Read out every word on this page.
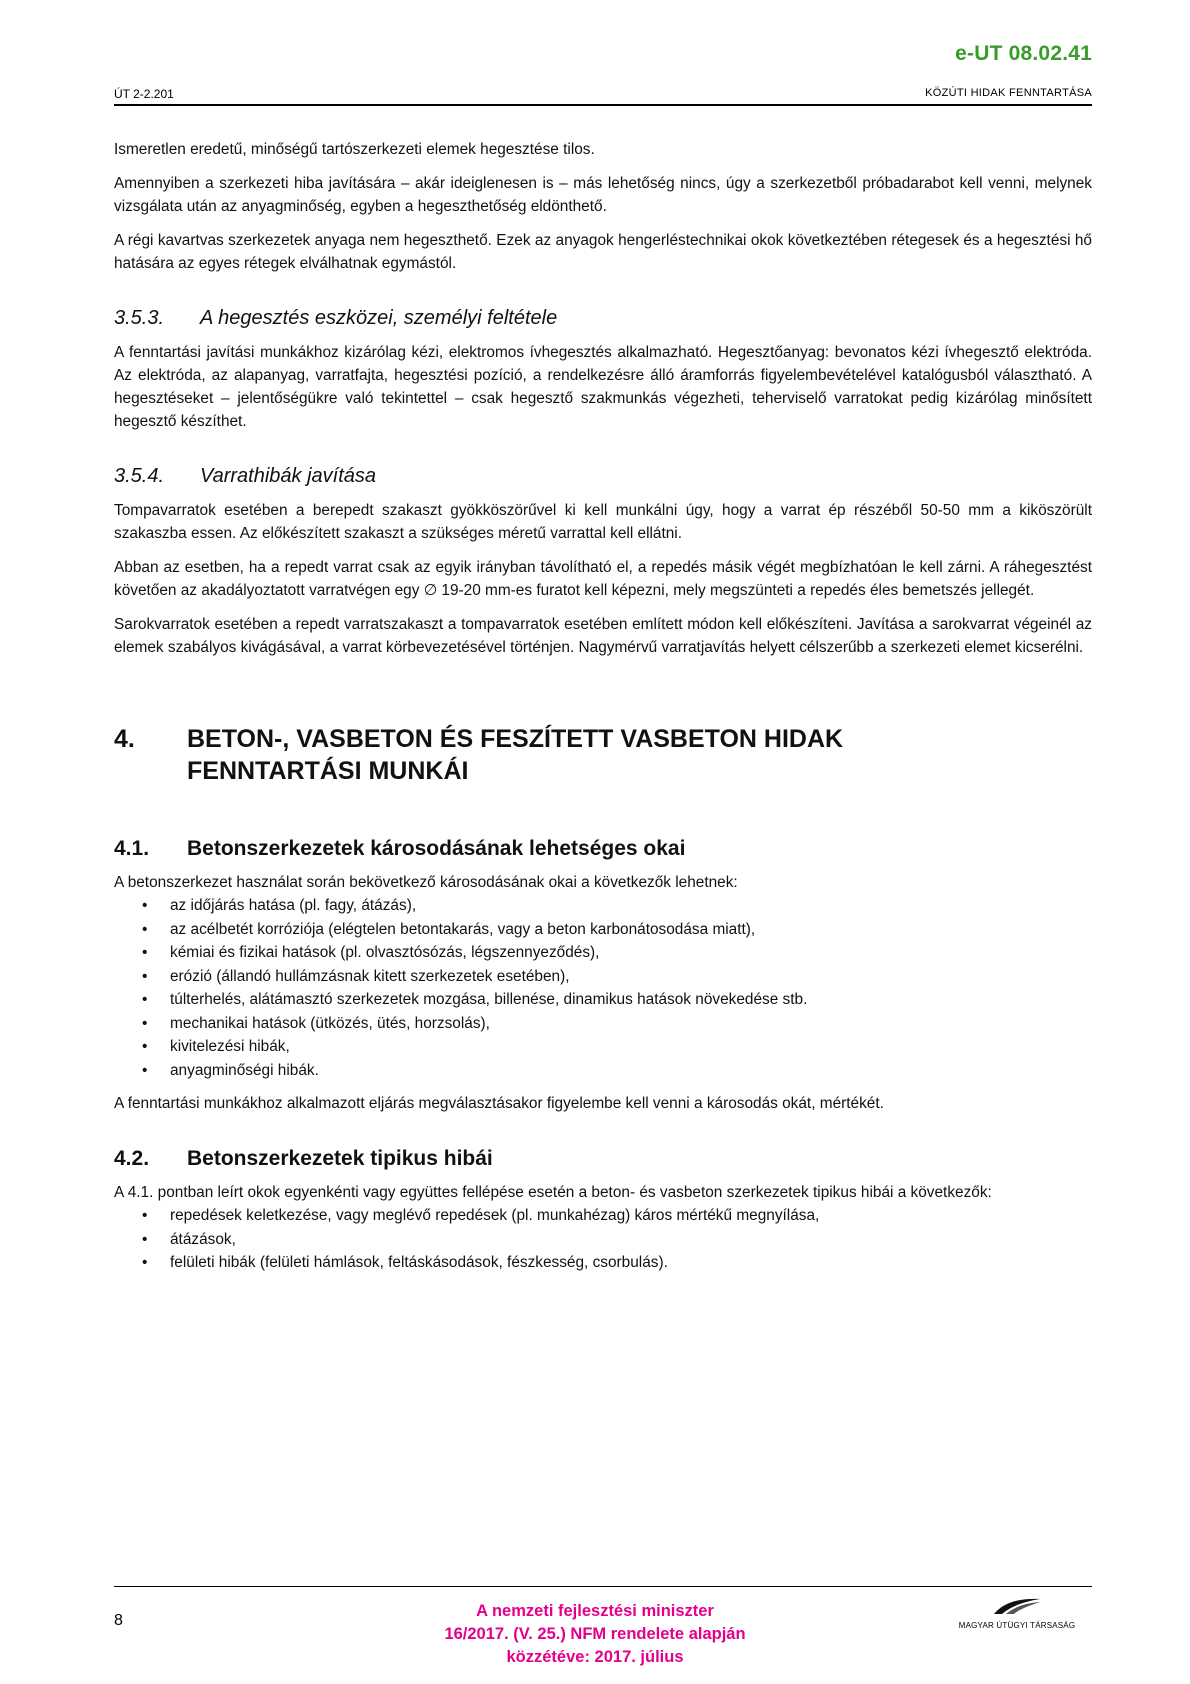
e-UT 08.02.41
ÚT 2-2.201	KÖZÚTI HIDAK FENNTARTÁSA

Ismeretlen eredetű, minőségű tartószerkezeti elemek hegesztése tilos.

Amennyiben a szerkezeti hiba javítására – akár ideiglenesen is – más lehetőség nincs, úgy a szerkezetből próbadarabot kell venni, melynek vizsgálata után az anyagminőség, egyben a hegeszthetőség eldönthető.

A régi kavartvas szerkezetek anyaga nem hegeszthető. Ezek az anyagok hengerléstechnikai okok következtében rétegesek és a hegesztési hő hatására az egyes rétegek elválhatnak egymástól.

3.5.3. A hegesztés eszközei, személyi feltétele

A fenntartási javítási munkákhoz kizárólag kézi, elektromos ívhegesztés alkalmazható. Hegesztőanyag: bevonatos kézi ívhegesztő elektróda. Az elektróda, az alapanyag, varratfajta, hegesztési pozíció, a rendelkezésre álló áramforrás figyelembevételével katalógusból választható. A hegesztéseket – jelentőségükre való tekintettel – csak hegesztő szakmunkás végezheti, teherviselő varratokat pedig kizárólag minősített hegesztő készíthet.

3.5.4. Varrathibák javítása

Tompavarratok esetében a berepedt szakaszt gyökköszörűvel ki kell munkálni úgy, hogy a varrat ép részéből 50-50 mm a kiköszörült szakaszba essen. Az előkészített szakaszt a szükséges méretű varrattal kell ellátni.

Abban az esetben, ha a repedt varrat csak az egyik irányban távolítható el, a repedés másik végét megbízhatóan le kell zárni. A ráhegesztést követően az akadályoztatott varratvégen egy ∅ 19-20 mm-es furatot kell képezni, mely megszünteti a repedés éles bemetszés jellegét.

Sarokvarratok esetében a repedt varratszakaszt a tompavarratok esetében említett módon kell előkészíteni. Javítása a sarokvarrat végeinél az elemek szabályos kivágásával, a varrat körbevezetésével történjen. Nagymérvű varratjavítás helyett célszerűbb a szerkezeti elemet kicserélni.

4.	BETON-, VASBETON ÉS FESZÍTETT VASBETON HIDAK
FENNTARTÁSI MUNKÁI
4.1.	Betonszerkezetek károsodásának lehetséges okai

A betonszerkezet használat során bekövetkező károsodásának okai a következők lehetnek:

• az időjárás hatása (pl. fagy, átázás),
• az acélbetét korróziója (elégtelen betontakarás, vagy a beton karbonátosodása miatt),
• kémiai és fizikai hatások (pl. olvasztósózás, légszennyeződés),
• erózió (állandó hullámzásnak kitett szerkezetek esetében),
• túlterhelés, alátámasztó szerkezetek mozgása, billenése, dinamikus hatások növekedése stb.
• mechanikai hatások (ütközés, ütés, horzsolás),
• kivitelezési hibák,
• anyagminőségi hibák.

A fenntartási munkákhoz alkalmazott eljárás megválasztásakor figyelembe kell venni a károsodás okát, mértékét.

4.2.	Betonszerkezetek tipikus hibái

A 4.1. pontban leírt okok egyenkénti vagy együttes fellépése esetén a beton- és vasbeton szerkezetek tipikus hibái a következők:

• repedések keletkezése, vagy meglévő repedések (pl. munkahézag) káros mértékű megnyílása,
• átázások,
• felületi hibák (felületi hámlások, feltáskásodások, fészkesség, csorbulás).
8
A nemzeti fejlesztési miniszter
16/2017. (V. 25.) NFM rendelete alapján
közzétéve: 2017. július
MAGYAR ÚTÜGYI TÁRSASÁG
